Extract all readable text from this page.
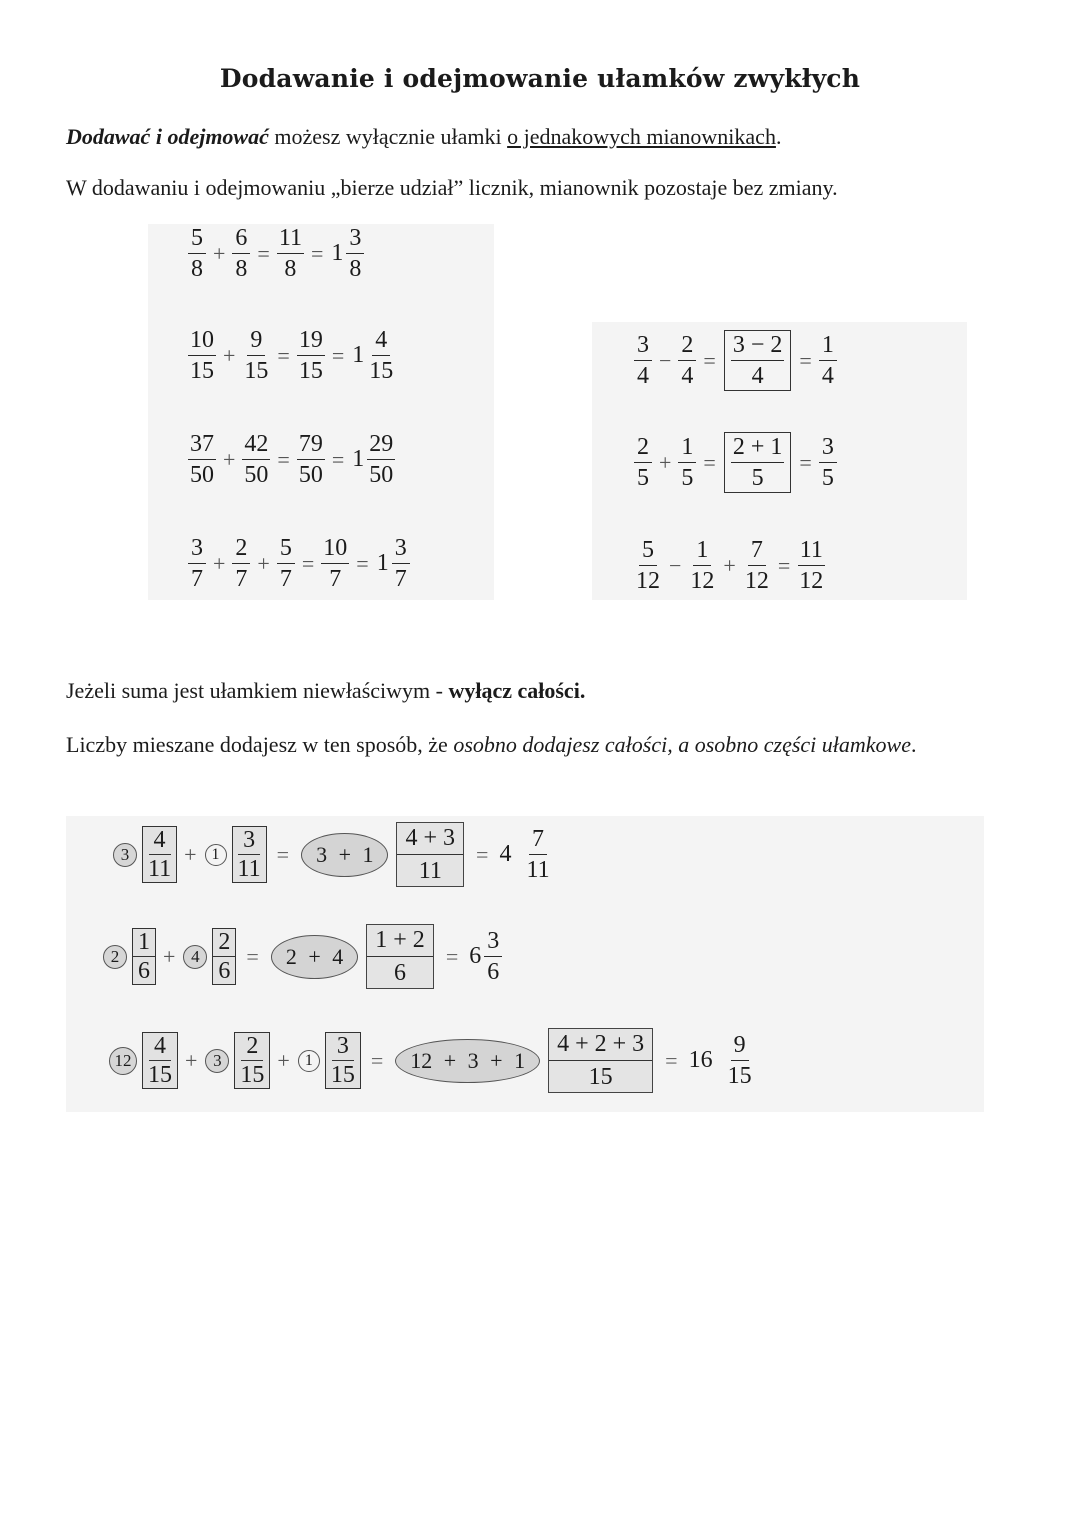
Dodawanie i odejmowanie ułamków zwykłych
Dodawać i odejmować możesz wyłącznie ułamki o jednakowych mianownikach.
W dodawaniu i odejmowaniu „bierze udział” licznik, mianownik pozostaje bez zmiany.
$\frac{5}{8} + \frac{6}{8} = \frac{11}{8} = 1 \frac{3}{8}$
$\frac{10}{15} + \frac{9}{15} = \frac{19}{15} = 1 \frac{4}{15}$
$\frac{37}{50} + \frac{42}{50} = \frac{79}{50} = 1 \frac{29}{50}$
$\frac{3}{7} + \frac{2}{7} + \frac{5}{7} = \frac{10}{7} = 1 \frac{3}{7}$
$\frac{3}{4} - \frac{2}{4} = \frac{3 - 2}{4} = \frac{1}{4}$
$\frac{2}{5} + \frac{1}{5} = \frac{2 + 1}{5} = \frac{3}{5}$
$\frac{5}{12} - \frac{1}{12} + \frac{7}{12} = \frac{11}{12}$
Jeżeli suma jest ułamkiem niewłaściwym - wyłącz całości.
Liczby mieszane dodajesz w ten sposób, że osobno dodajesz całości, a osobno części ułamkowe.
3
4
11
+ $1 \frac{3}{11}$ =	$3 + 1 \frac{4 + 3}{11} = 4 \frac{7}{11}$
2
1
6
+ $4 \frac{2}{6}$ =	$2 + 4 \frac{1 + 2}{6} = 6 \frac{3}{6}$
12
4
15
+ 3
2
15
+ $1 \frac{3}{15}$ =	$12 + 3 + 1 \frac{4 + 2 + 3}{15} = 16 \frac{9}{15}$
